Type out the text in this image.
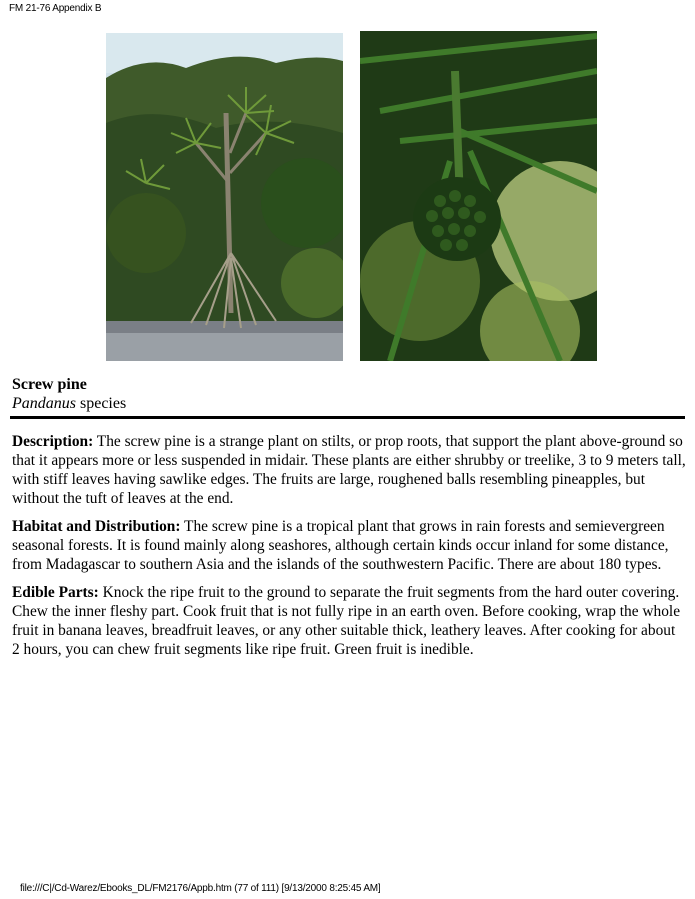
FM 21-76 Appendix B
Screw pine
Pandanus species

Description: The screw pine is a strange plant on stilts, or prop roots, that support the plant above-ground so that it appears more or less suspended in midair. These plants are either shrubby or treelike, 3 to 9 meters tall, with stiff leaves having sawlike edges. The fruits are large, roughened balls resembling pineapples, but without the tuft of leaves at the end.

Habitat and Distribution: The screw pine is a tropical plant that grows in rain forests and semievergreen seasonal forests. It is found mainly along seashores, although certain kinds occur inland for some distance, from Madagascar to southern Asia and the islands of the southwestern Pacific. There are about 180 types.

Edible Parts: Knock the ripe fruit to the ground to separate the fruit segments from the hard outer covering. Chew the inner fleshy part. Cook fruit that is not fully ripe in an earth oven. Before cooking, wrap the whole fruit in banana leaves, breadfruit leaves, or any other suitable thick, leathery leaves. After cooking for about 2 hours, you can chew fruit segments like ripe fruit. Green fruit is inedible.

file:///C|/Cd-Warez/Ebooks_DL/FM2176/Appb.htm (77 of 111) [9/13/2000 8:25:45 AM]
